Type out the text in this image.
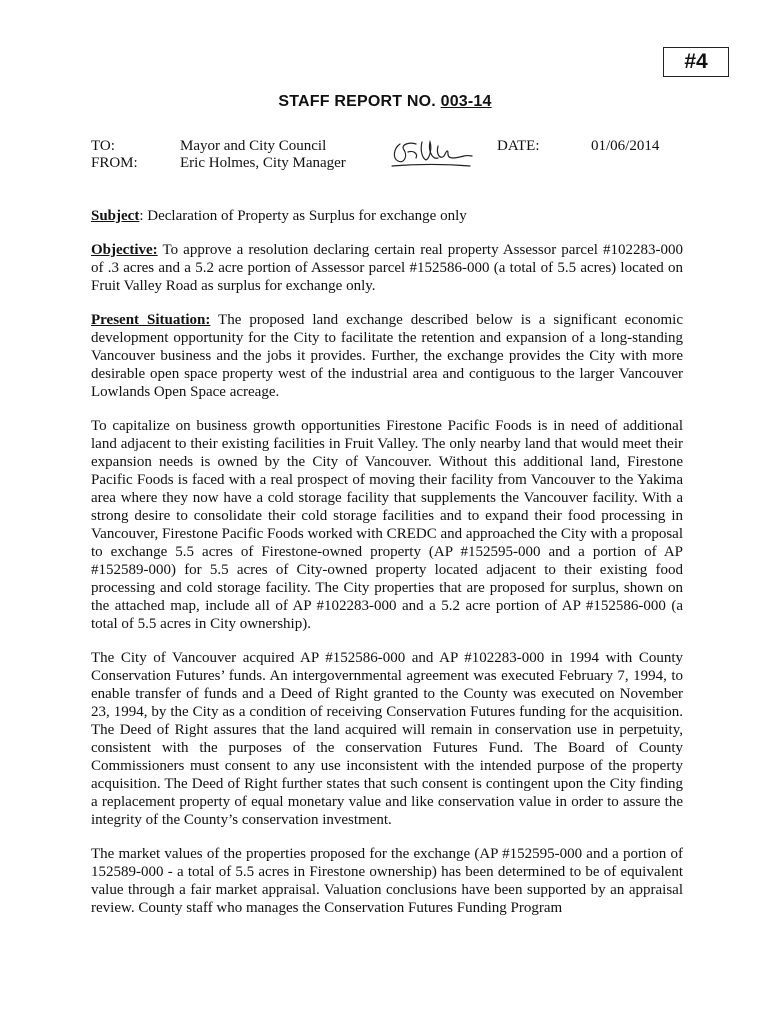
#4
STAFF REPORT NO. 003-14
TO:	Mayor and City Council
FROM:	Eric Holmes, City Manager
DATE:	01/06/2014

Subject: Declaration of Property as Surplus for exchange only

Objective: To approve a resolution declaring certain real property Assessor parcel #102283-000 of .3 acres and a 5.2 acre portion of Assessor parcel #152586-000 (a total of 5.5 acres) located on Fruit Valley Road as surplus for exchange only.

Present Situation: The proposed land exchange described below is a significant economic development opportunity for the City to facilitate the retention and expansion of a long-standing Vancouver business and the jobs it provides. Further, the exchange provides the City with more desirable open space property west of the industrial area and contiguous to the larger Vancouver Lowlands Open Space acreage.

To capitalize on business growth opportunities Firestone Pacific Foods is in need of additional land adjacent to their existing facilities in Fruit Valley. The only nearby land that would meet their expansion needs is owned by the City of Vancouver. Without this additional land, Firestone Pacific Foods is faced with a real prospect of moving their facility from Vancouver to the Yakima area where they now have a cold storage facility that supplements the Vancouver facility. With a strong desire to consolidate their cold storage facilities and to expand their food processing in Vancouver, Firestone Pacific Foods worked with CREDC and approached the City with a proposal to exchange 5.5 acres of Firestone-owned property (AP #152595-000 and a portion of AP #152589-000) for 5.5 acres of City-owned property located adjacent to their existing food processing and cold storage facility. The City properties that are proposed for surplus, shown on the attached map, include all of AP #102283-000 and a 5.2 acre portion of AP #152586-000 (a total of 5.5 acres in City ownership).

The City of Vancouver acquired AP #152586-000 and AP #102283-000 in 1994 with County Conservation Futures’ funds. An intergovernmental agreement was executed February 7, 1994, to enable transfer of funds and a Deed of Right granted to the County was executed on November 23, 1994, by the City as a condition of receiving Conservation Futures funding for the acquisition. The Deed of Right assures that the land acquired will remain in conservation use in perpetuity, consistent with the purposes of the conservation Futures Fund. The Board of County Commissioners must consent to any use inconsistent with the intended purpose of the property acquisition. The Deed of Right further states that such consent is contingent upon the City finding a replacement property of equal monetary value and like conservation value in order to assure the integrity of the County’s conservation investment.

The market values of the properties proposed for the exchange (AP #152595-000 and a portion of 152589-000 - a total of 5.5 acres in Firestone ownership) has been determined to be of equivalent value through a fair market appraisal. Valuation conclusions have been supported by an appraisal review. County staff who manages the Conservation Futures Funding Program
